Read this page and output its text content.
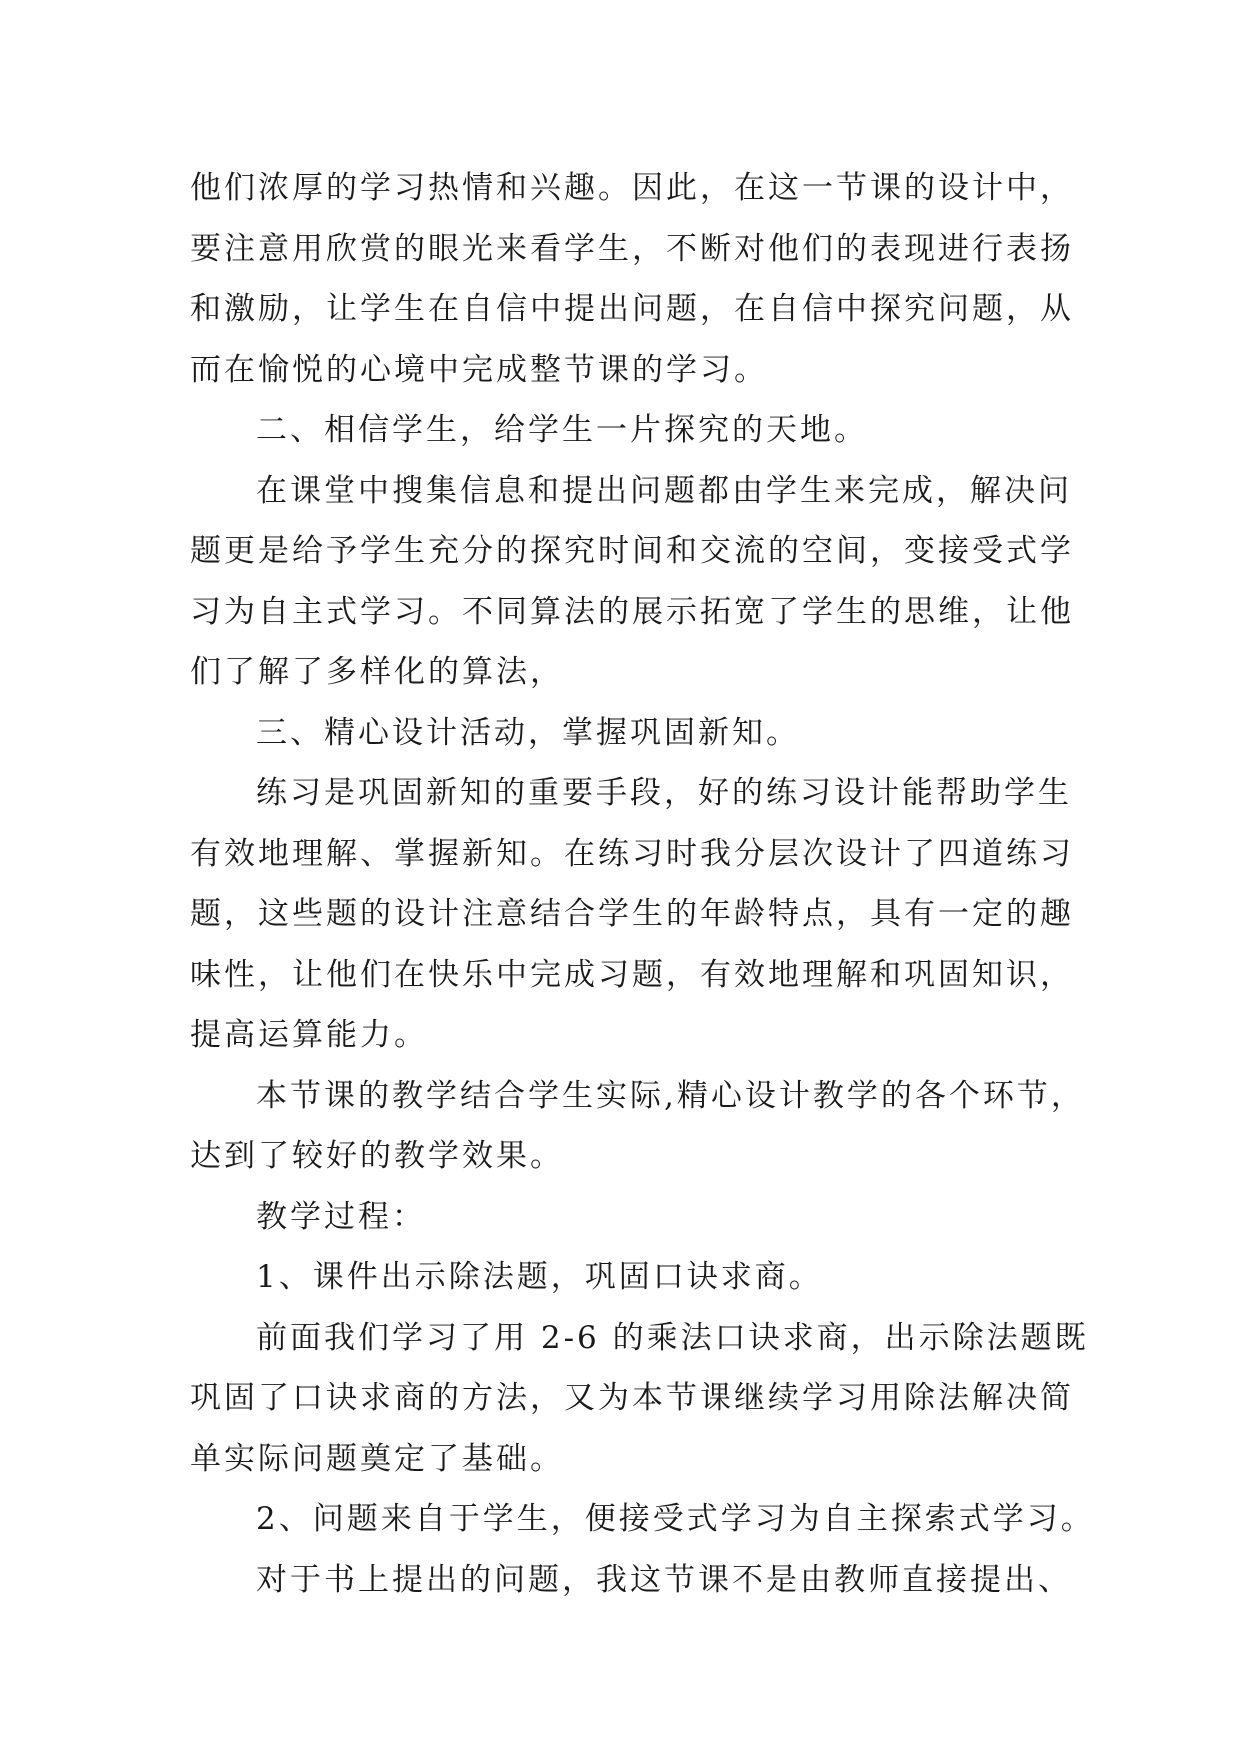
他们浓厚的学习热情和兴趣。因此，在这一节课的设计中，
要注意用欣赏的眼光来看学生，不断对他们的表现进行表扬
和激励，让学生在自信中提出问题，在自信中探究问题，从
而在愉悦的心境中完成整节课的学习。
二、相信学生，给学生一片探究的天地。
在课堂中搜集信息和提出问题都由学生来完成，解决问
题更是给予学生充分的探究时间和交流的空间，变接受式学
习为自主式学习。不同算法的展示拓宽了学生的思维，让他
们了解了多样化的算法，
三、精心设计活动，掌握巩固新知。
练习是巩固新知的重要手段，好的练习设计能帮助学生
有效地理解、掌握新知。在练习时我分层次设计了四道练习
题，这些题的设计注意结合学生的年龄特点，具有一定的趣
味性，让他们在快乐中完成习题，有效地理解和巩固知识，
提高运算能力。
本节课的教学结合学生实际,精心设计教学的各个环节，
达到了较好的教学效果。
教学过程：
1、课件出示除法题，巩固口诀求商。
前面我们学习了用 2-6 的乘法口诀求商，出示除法题既
巩固了口诀求商的方法，又为本节课继续学习用除法解决简
单实际问题奠定了基础。
2、问题来自于学生，便接受式学习为自主探索式学习。
对于书上提出的问题，我这节课不是由教师直接提出、
